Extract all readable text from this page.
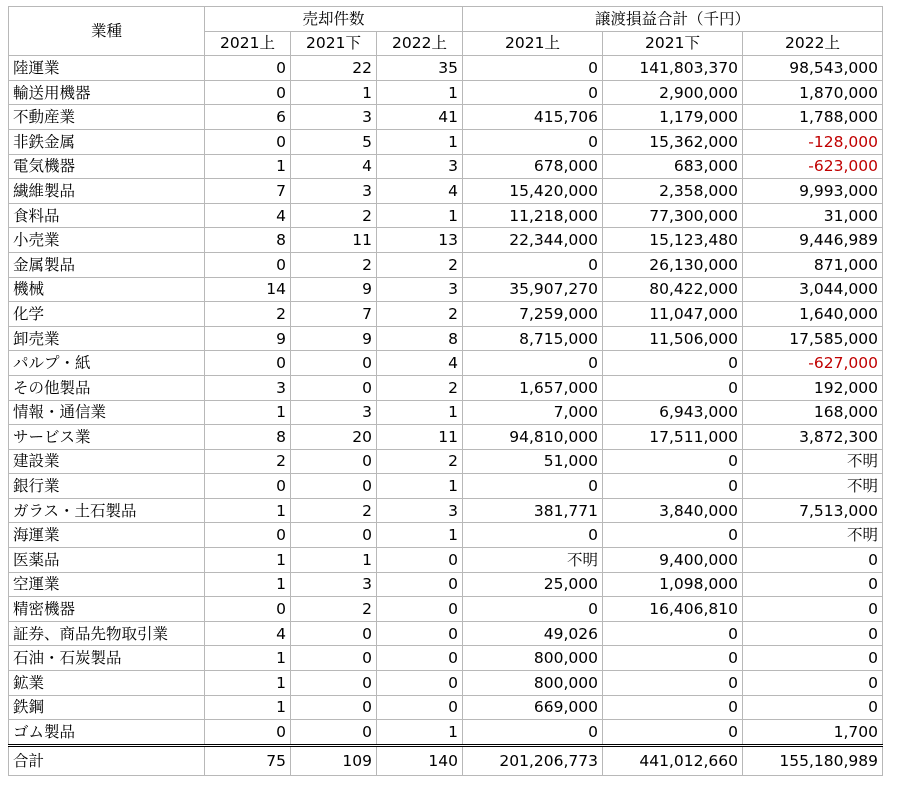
業種	売却件数			譲渡損益合計（千円）		
	2021上	2021下	2022上	2021上	2021下	2022上
陸運業	0	22	35	0	141,803,370	98,543,000
輸送用機器	0	1	1	0	2,900,000	1,870,000
不動産業	6	3	41	415,706	1,179,000	1,788,000
非鉄金属	0	5	1	0	15,362,000	-128,000
電気機器	1	4	3	678,000	683,000	-623,000
繊維製品	7	3	4	15,420,000	2,358,000	9,993,000
食料品	4	2	1	11,218,000	77,300,000	31,000
小売業	8	11	13	22,344,000	15,123,480	9,446,989
金属製品	0	2	2	0	26,130,000	871,000
機械	14	9	3	35,907,270	80,422,000	3,044,000
化学	2	7	2	7,259,000	11,047,000	1,640,000
卸売業	9	9	8	8,715,000	11,506,000	17,585,000
パルプ・紙	0	0	4	0	0	-627,000
その他製品	3	0	2	1,657,000	0	192,000
情報・通信業	1	3	1	7,000	6,943,000	168,000
サービス業	8	20	11	94,810,000	17,511,000	3,872,300
建設業	2	0	2	51,000	0	不明
銀行業	0	0	1	0	0	不明
ガラス・土石製品	1	2	3	381,771	3,840,000	7,513,000
海運業	0	0	1	0	0	不明
医薬品	1	1	0	不明	9,400,000	0
空運業	1	3	0	25,000	1,098,000	0
精密機器	0	2	0	0	16,406,810	0
証券、商品先物取引業	4	0	0	49,026	0	0
石油・石炭製品	1	0	0	800,000	0	0
鉱業	1	0	0	800,000	0	0
鉄鋼	1	0	0	669,000	0	0
ゴム製品	0	0	1	0	0	1,700
合計	75	109	140	201,206,773	441,012,660	155,180,989
